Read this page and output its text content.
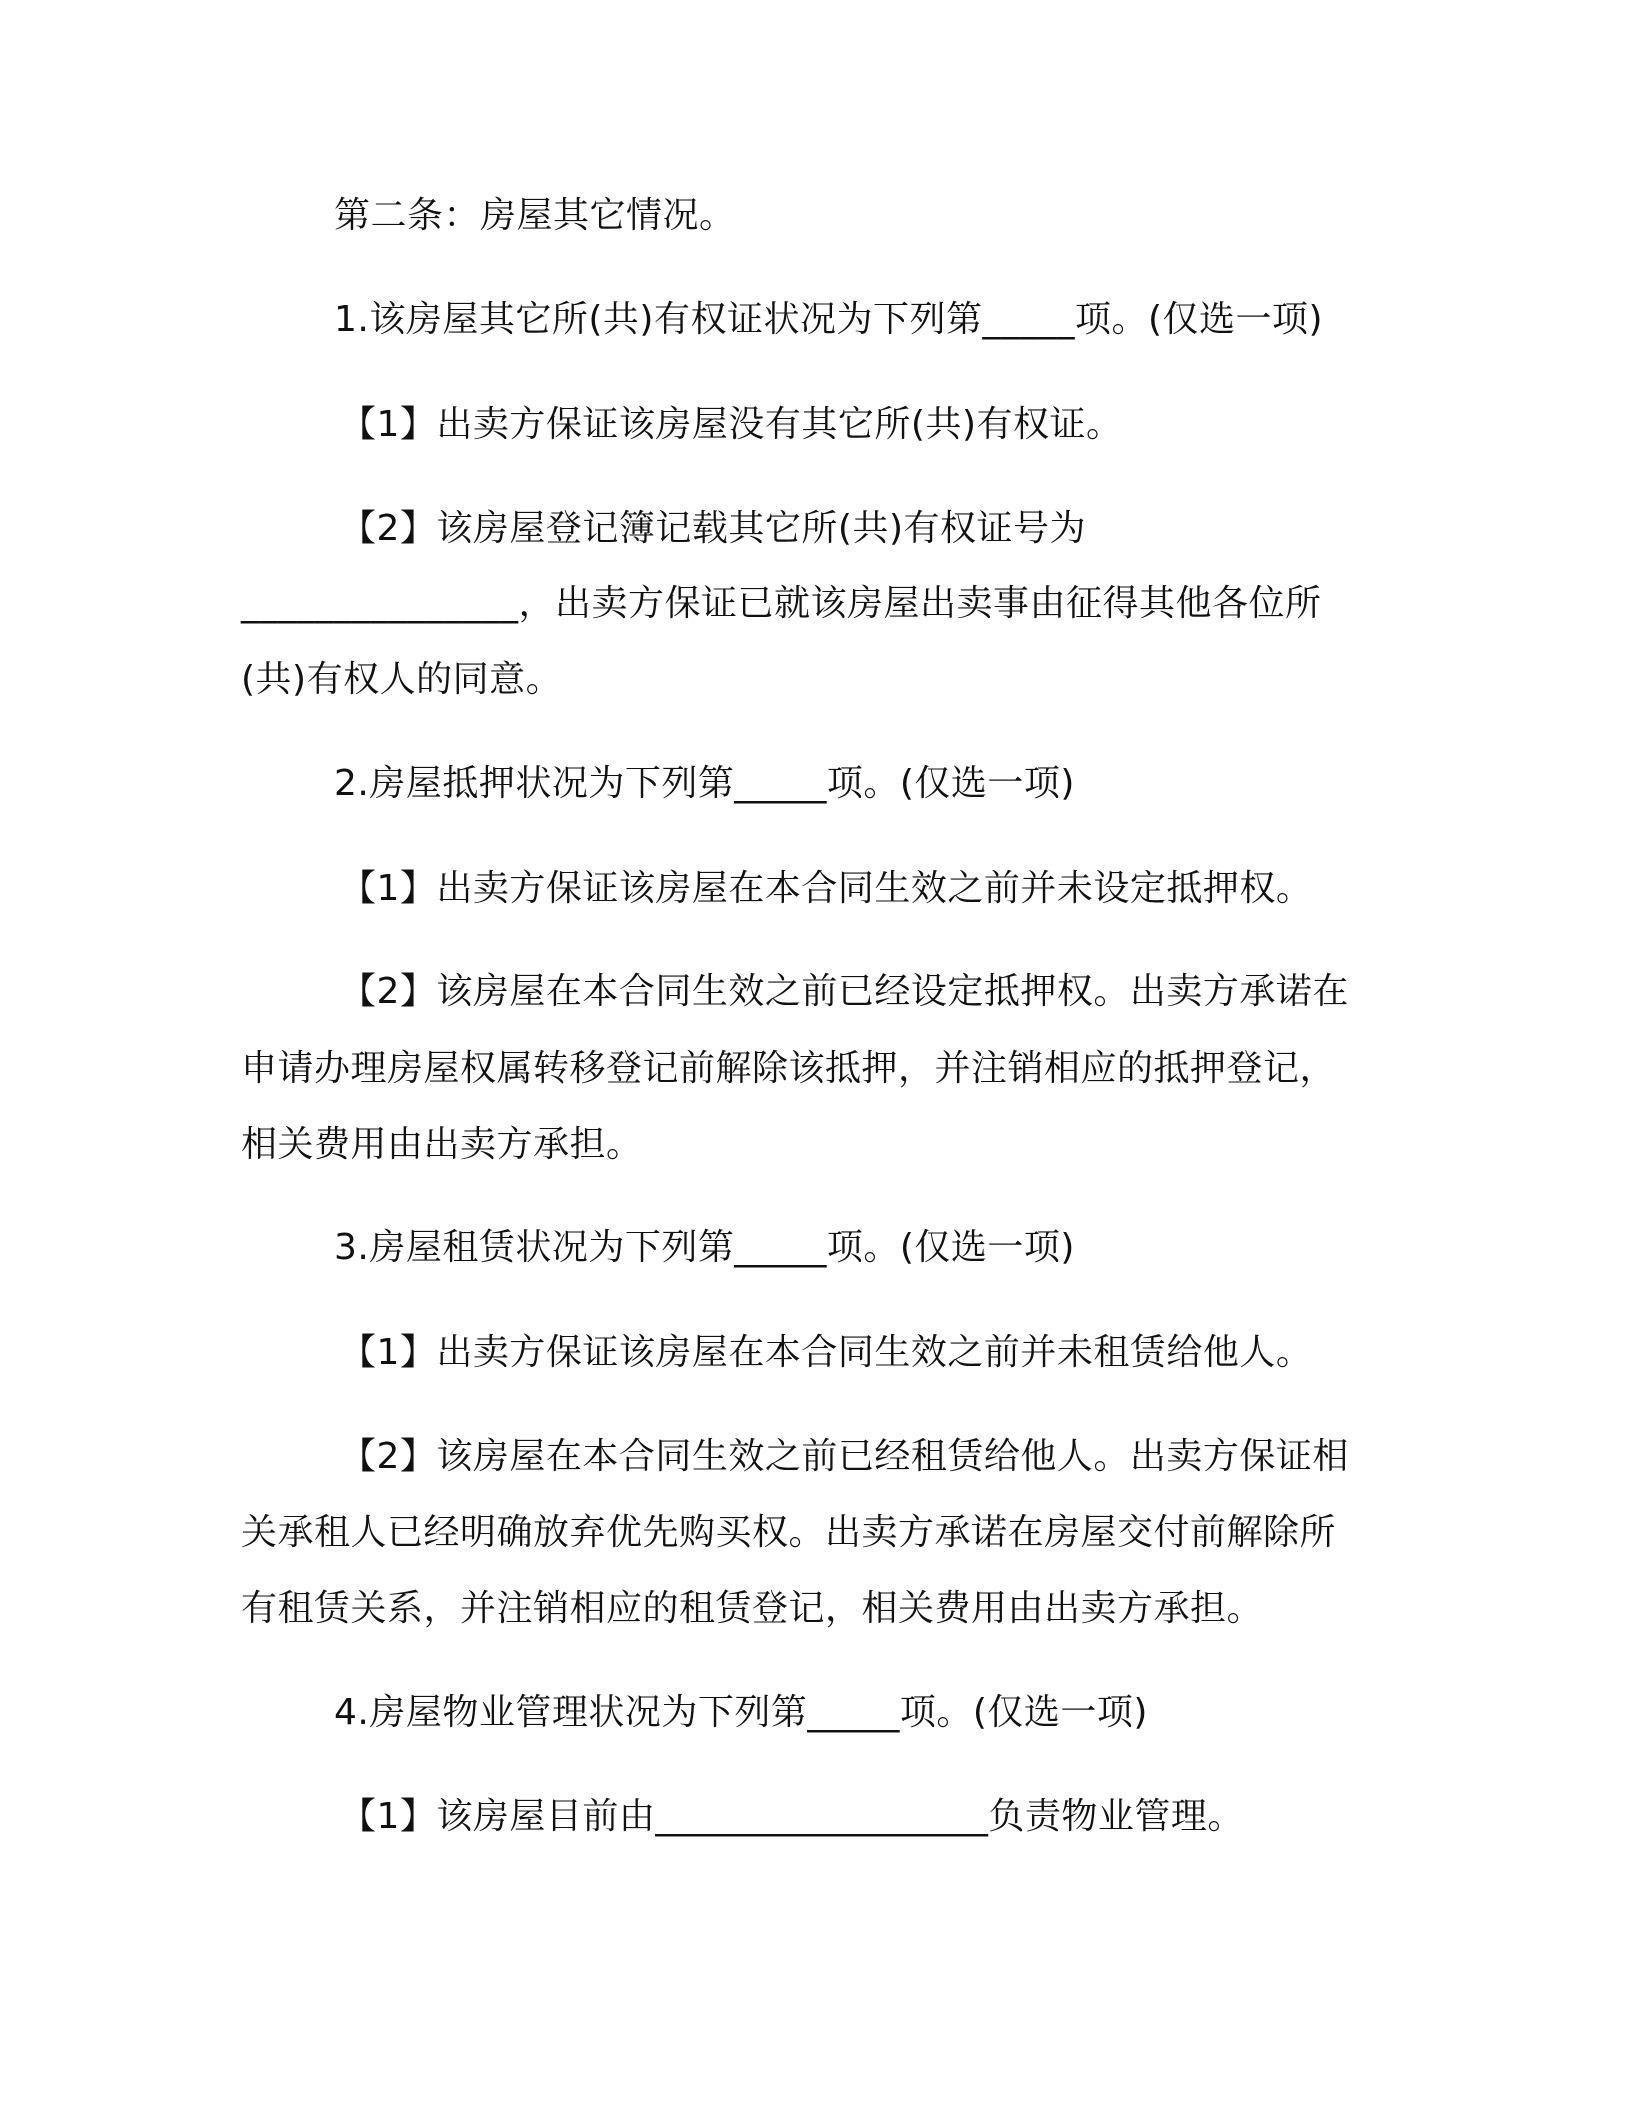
第二条：房屋其它情况。
1.该房屋其它所(共)有权证状况为下列第_____项。(仅选一项)
【1】出卖方保证该房屋没有其它所(共)有权证。
【2】该房屋登记簿记载其它所(共)有权证号为
_______________，出卖方保证已就该房屋出卖事由征得其他各位所
(共)有权人的同意。
2.房屋抵押状况为下列第_____项。(仅选一项)
【1】出卖方保证该房屋在本合同生效之前并未设定抵押权。
【2】该房屋在本合同生效之前已经设定抵押权。出卖方承诺在
申请办理房屋权属转移登记前解除该抵押，并注销相应的抵押登记，
相关费用由出卖方承担。
3.房屋租赁状况为下列第_____项。(仅选一项)
【1】出卖方保证该房屋在本合同生效之前并未租赁给他人。
【2】该房屋在本合同生效之前已经租赁给他人。出卖方保证相
关承租人已经明确放弃优先购买权。出卖方承诺在房屋交付前解除所
有租赁关系，并注销相应的租赁登记，相关费用由出卖方承担。
4.房屋物业管理状况为下列第_____项。(仅选一项)
【1】该房屋目前由__________________负责物业管理。
